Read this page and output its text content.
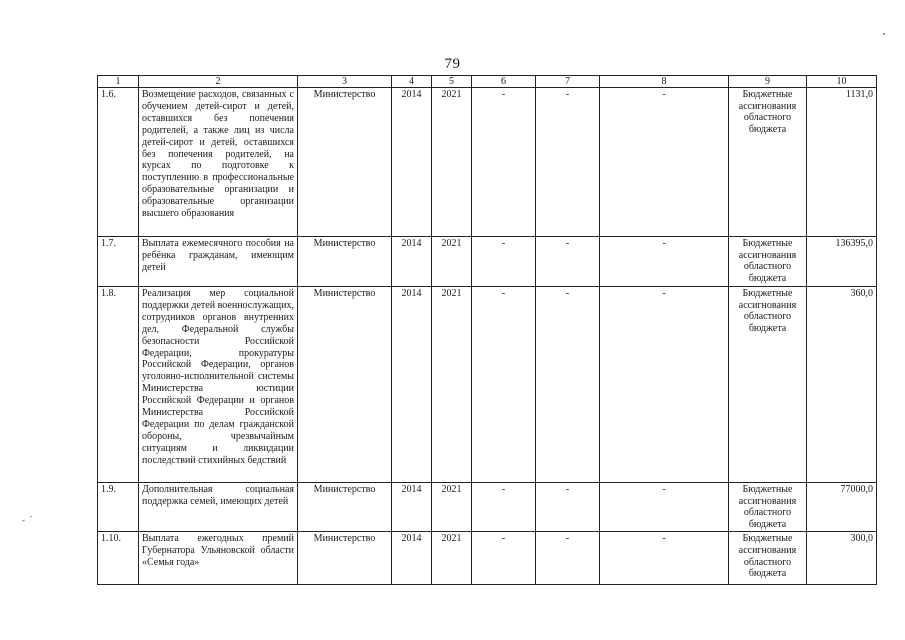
79
1	2	3	4	5	6	7	8	9	10
1.6.	Возмещение расходов, связанных с обучением детей-сирот и детей, оставшихся без попечения родителей, а также лиц из числа детей-сирот и детей, оставшихся без попечения родителей, на курсах по подготовке к поступлению в профессиональные образовательные организации и образовательные организации высшего образования	Министерство	2014	2021	-	-	-	Бюджетные ассигнования областного бюджета	1131,0
1.7.	Выплата ежемесячного пособия на ребёнка гражданам, имеющим детей	Министерство	2014	2021	-	-	-	Бюджетные ассигнования областного бюджета	136395,0
1.8.	Реализация мер социальной поддержки детей военнослужащих, сотрудников органов внутренних дел, Федеральной службы безопасности Российской Федерации, прокуратуры Российской Федерации, органов уголовно-исполнительной системы Министерства юстиции Российской Федерации и органов Министерства Российской Федерации по делам гражданской обороны, чрезвычайным ситуациям и ликвидации последствий стихийных бедствий	Министерство	2014	2021	-	-	-	Бюджетные ассигнования областного бюджета	360,0
1.9.	Дополнительная социальная поддержка семей, имеющих детей	Министерство	2014	2021	-	-	-	Бюджетные ассигнования областного бюджета	77000,0
1.10.	Выплата ежегодных премий Губернатора Ульяновской области «Семья года»	Министерство	2014	2021	-	-	-	Бюджетные ассигнования областного бюджета	300,0
